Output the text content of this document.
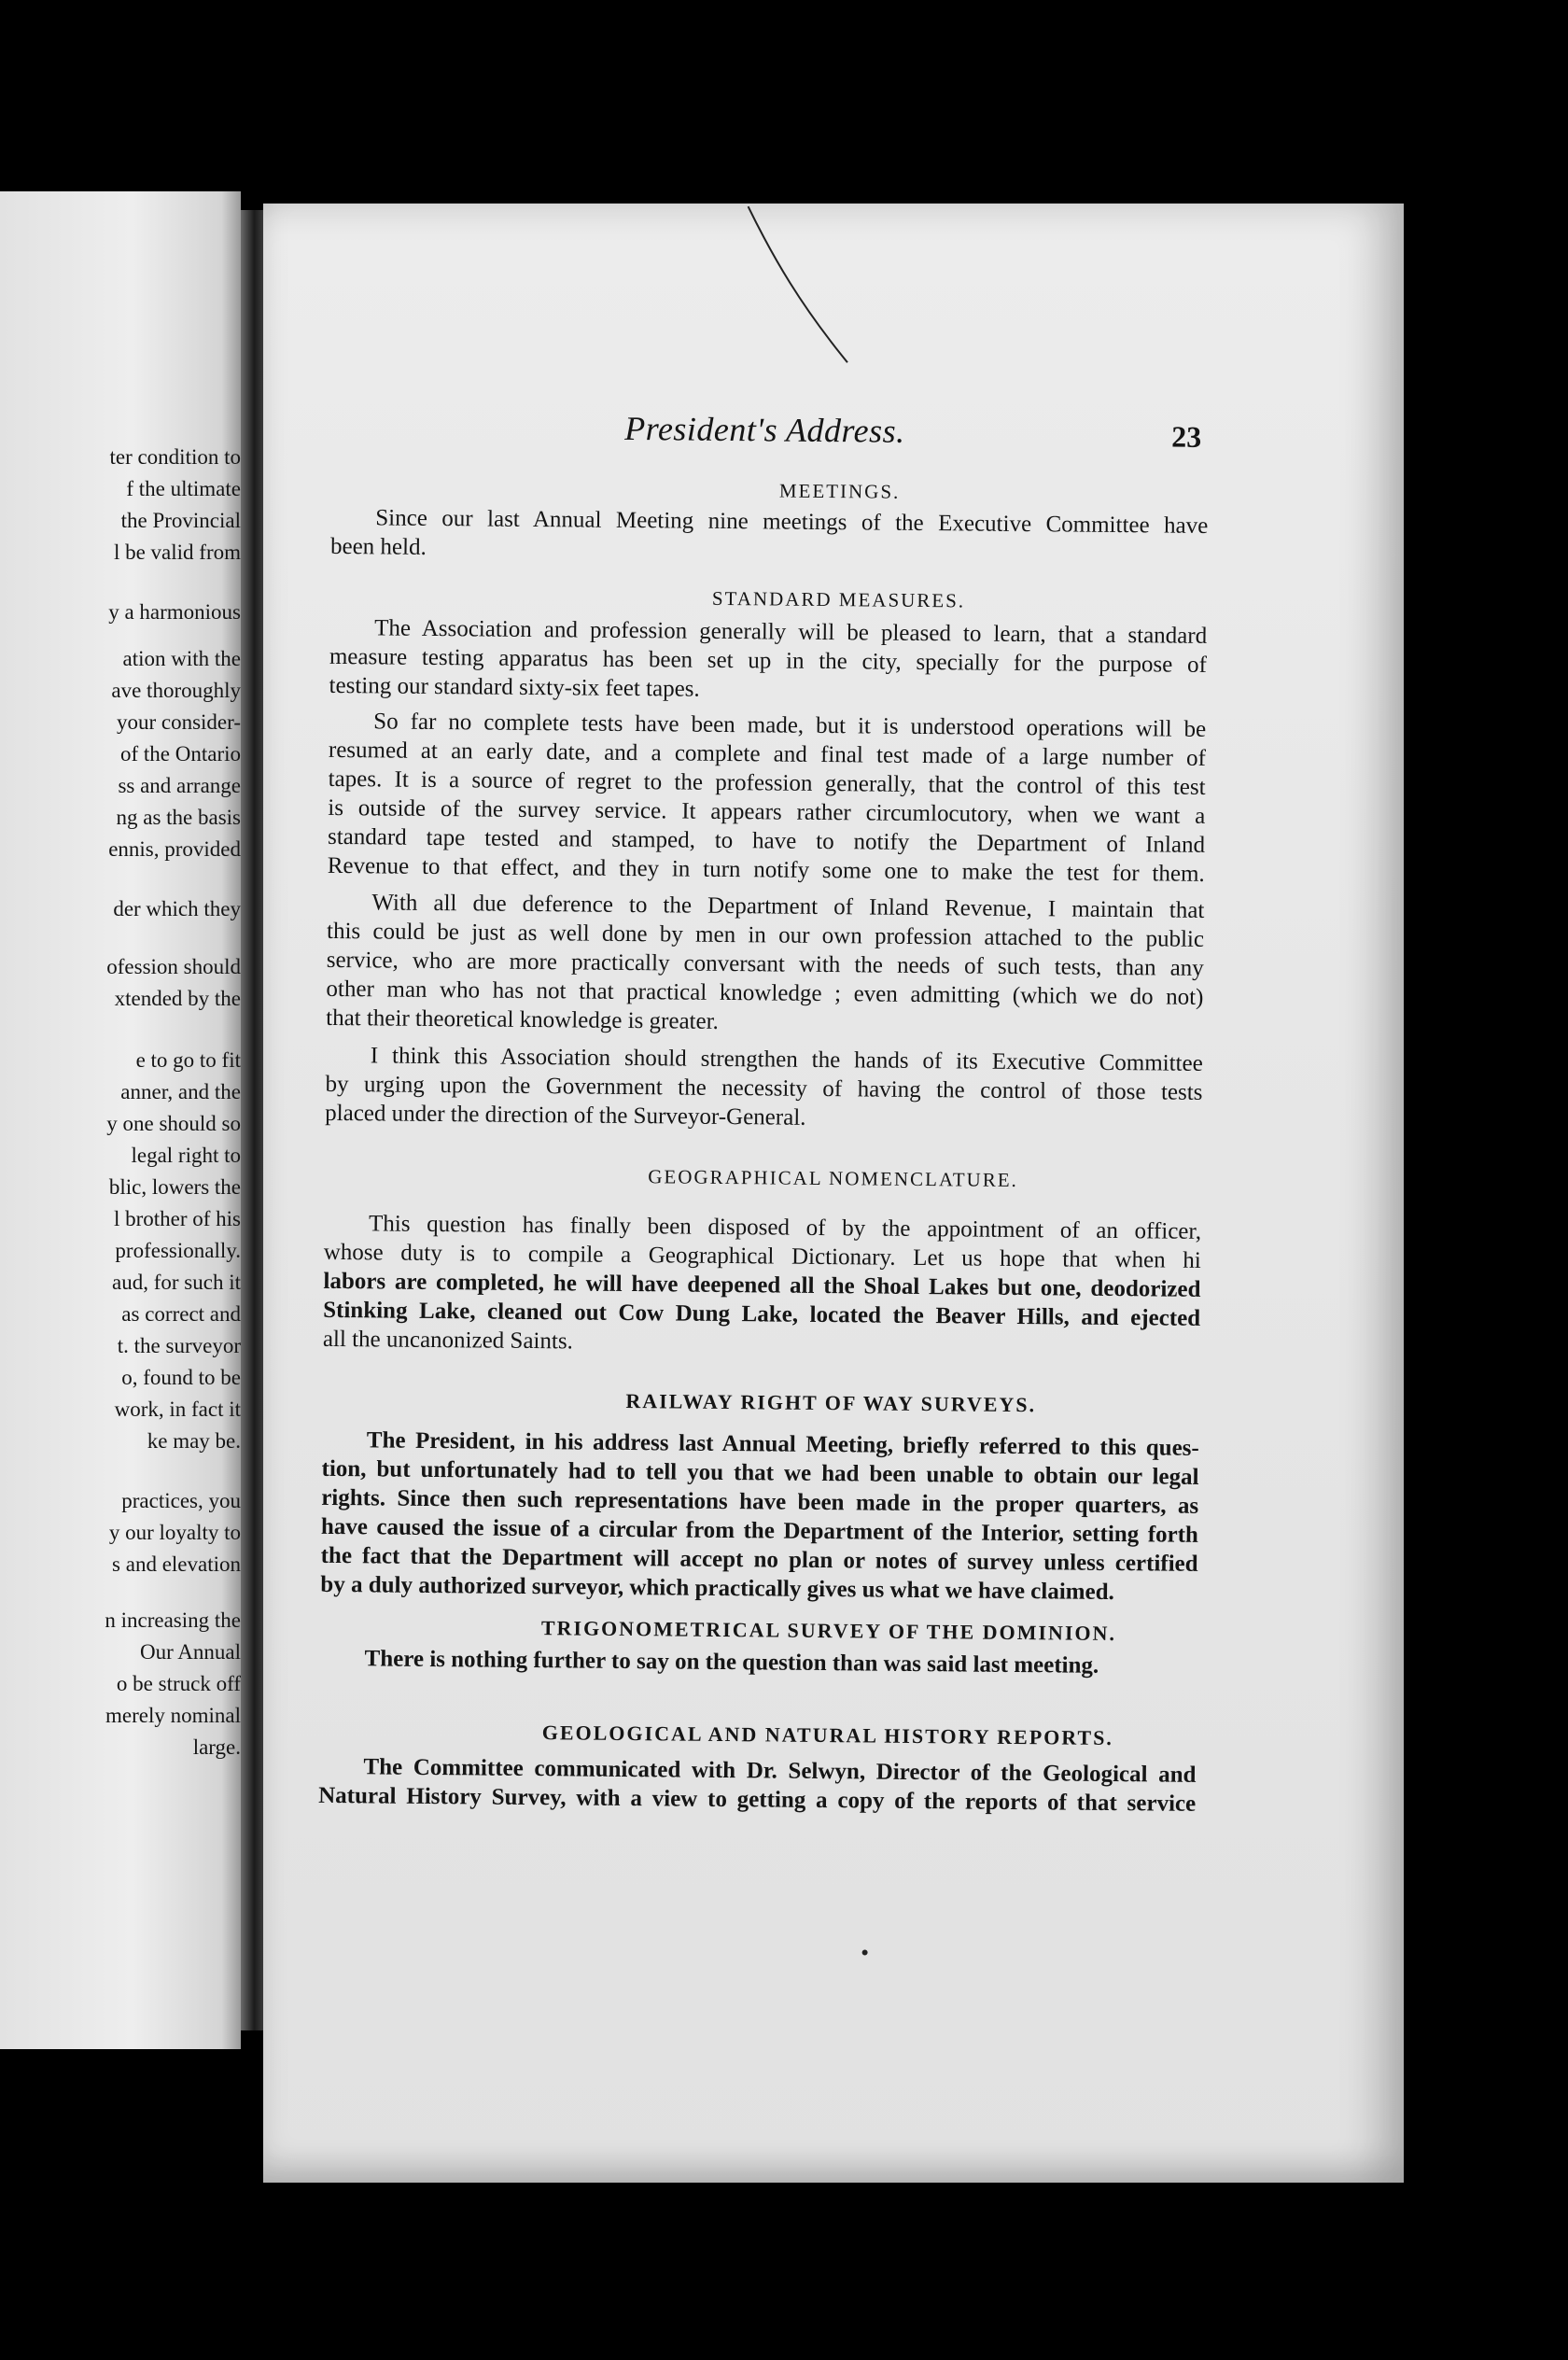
ter condition to
f the ultimate
the Provincial
l be valid from
y a harmonious
ation with the
ave thoroughly
your consider-
of the Ontario
ss and arrange
ng as the basis
ennis, provided
der which they
ofession should
xtended by the
e to go to fit
anner, and the
y one should so
legal right to
blic, lowers the
l brother of his
professionally.
aud, for such it
as correct and
t. the surveyor
o, found to be
work, in fact it
ke may be.
practices, you
y our loyalty to
s and elevation
n increasing the
Our Annual
o be struck off
merely nominal
large.
President's Address.	23
MEETINGS.
Since our last Annual Meeting nine meetings of the Executive Committee have
been held.
STANDARD MEASURES.
The Association and profession generally will be pleased to learn, that a standard
measure testing apparatus has been set up in the city, specially for the purpose of
testing our standard sixty-six feet tapes.
So far no complete tests have been made, but it is understood operations will be
resumed at an early date, and a complete and final test made of a large number of
tapes. It is a source of regret to the profession generally, that the control of this test
is outside of the survey service. It appears rather circumlocutory, when we want a
standard tape tested and stamped, to have to notify the Department of Inland
Revenue to that effect, and they in turn notify some one to make the test for them.
With all due deference to the Department of Inland Revenue, I maintain that
this could be just as well done by men in our own profession attached to the public
service, who are more practically conversant with the needs of such tests, than any
other man who has not that practical knowledge ; even admitting (which we do not)
that their theoretical knowledge is greater.
I think this Association should strengthen the hands of its Executive Committee
by urging upon the Government the necessity of having the control of those tests
placed under the direction of the Surveyor-General.
GEOGRAPHICAL NOMENCLATURE.
This question has finally been disposed of by the appointment of an officer,
whose duty is to compile a Geographical Dictionary. Let us hope that when hi
labors are completed, he will have deepened all the Shoal Lakes but one, deodorized
Stinking Lake, cleaned out Cow Dung Lake, located the Beaver Hills, and ejected
all the uncanonized Saints.
RAILWAY RIGHT OF WAY SURVEYS.
The President, in his address last Annual Meeting, briefly referred to this ques-
tion, but unfortunately had to tell you that we had been unable to obtain our legal
rights. Since then such representations have been made in the proper quarters, as
have caused the issue of a circular from the Department of the Interior, setting forth
the fact that the Department will accept no plan or notes of survey unless certified
by a duly authorized surveyor, which practically gives us what we have claimed.
TRIGONOMETRICAL SURVEY OF THE DOMINION.
There is nothing further to say on the question than was said last meeting.
GEOLOGICAL AND NATURAL HISTORY REPORTS.
The Committee communicated with Dr. Selwyn, Director of the Geological and
Natural History Survey, with a view to getting a copy of the reports of that service
